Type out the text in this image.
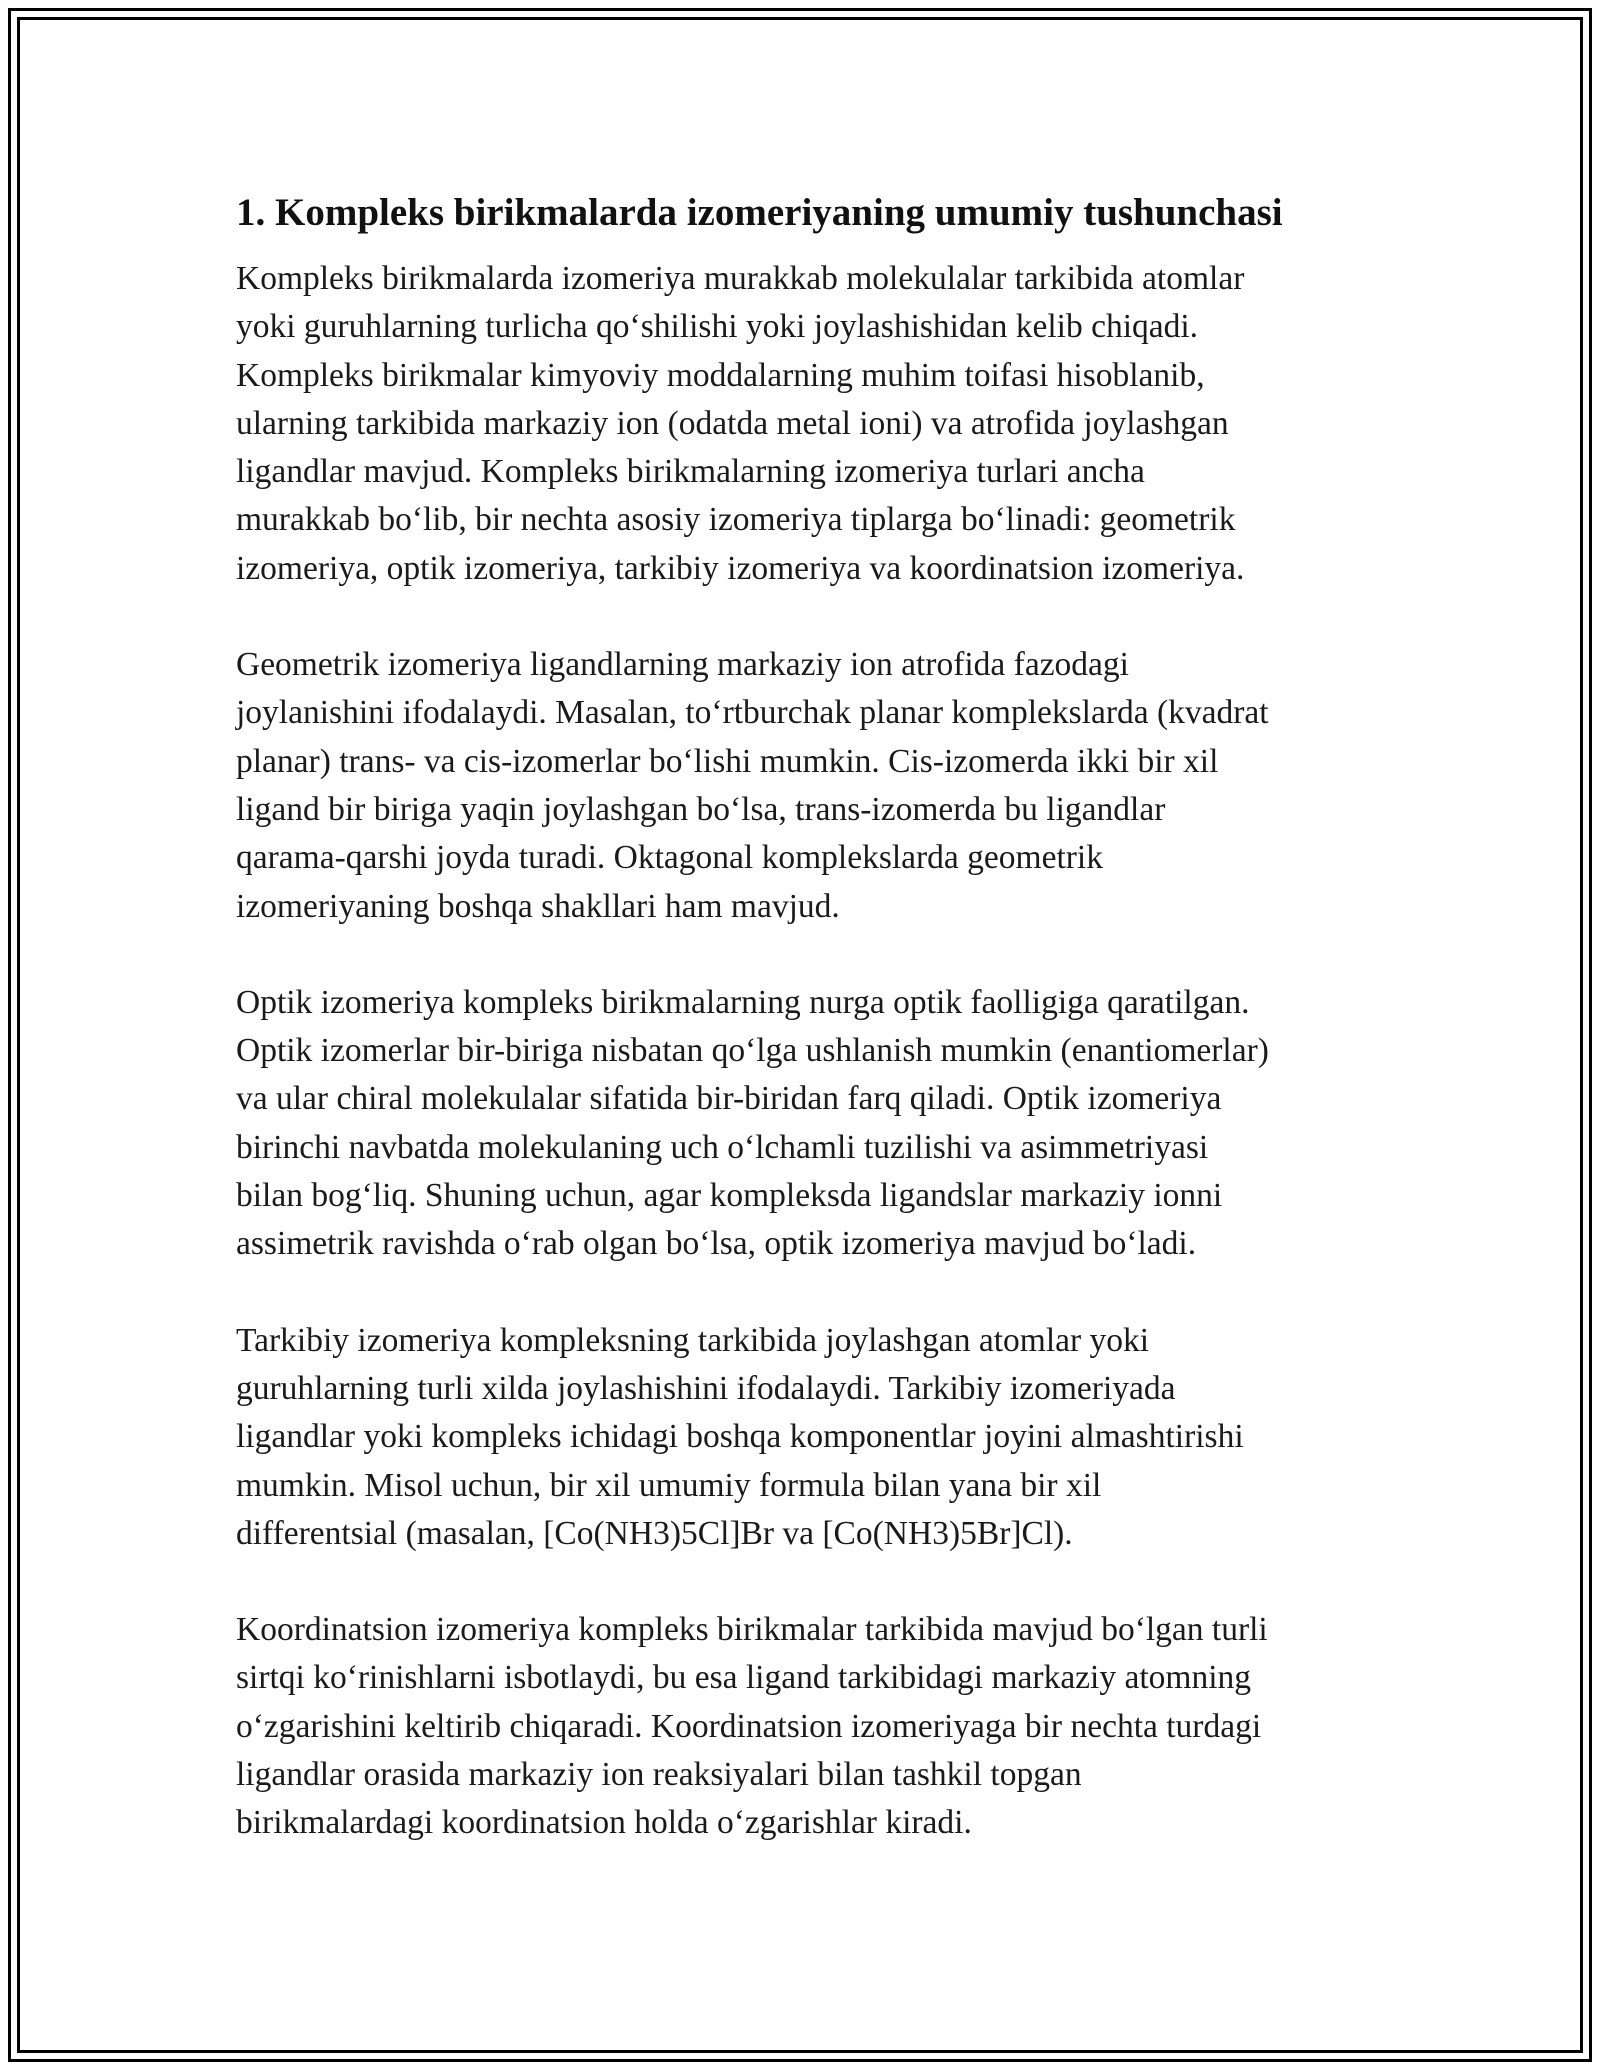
1. Kompleks birikmalarda izomeriyaning umumiy tushunchasi

Kompleks birikmalarda izomeriya murakkab molekulalar tarkibida atomlar
yoki guruhlarning turlicha qoʻshilishi yoki joylashishidan kelib chiqadi.
Kompleks birikmalar kimyoviy moddalarning muhim toifasi hisoblanib,
ularning tarkibida markaziy ion (odatda metal ioni) va atrofida joylashgan
ligandlar mavjud. Kompleks birikmalarning izomeriya turlari ancha
murakkab boʻlib, bir nechta asosiy izomeriya tiplarga boʻlinadi: geometrik
izomeriya, optik izomeriya, tarkibiy izomeriya va koordinatsion izomeriya.

Geometrik izomeriya ligandlarning markaziy ion atrofida fazodagi
joylanishini ifodalaydi. Masalan, toʻrtburchak planar komplekslarda (kvadrat
planar) trans- va cis-izomerlar boʻlishi mumkin. Cis-izomerda ikki bir xil
ligand bir biriga yaqin joylashgan boʻlsa, trans-izomerda bu ligandlar
qarama-qarshi joyda turadi. Oktagonal komplekslarda geometrik
izomeriyaning boshqa shakllari ham mavjud.

Optik izomeriya kompleks birikmalarning nurga optik faolligiga qaratilgan.
Optik izomerlar bir-biriga nisbatan qoʻlga ushlanish mumkin (enantiomerlar)
va ular chiral molekulalar sifatida bir-biridan farq qiladi. Optik izomeriya
birinchi navbatda molekulaning uch oʻlchamli tuzilishi va asimmetriyasi
bilan bogʻliq. Shuning uchun, agar kompleksda ligandslar markaziy ionni
assimetrik ravishda oʻrab olgan boʻlsa, optik izomeriya mavjud boʻladi.

Tarkibiy izomeriya kompleksning tarkibida joylashgan atomlar yoki
guruhlarning turli xilda joylashishini ifodalaydi. Tarkibiy izomeriyada
ligandlar yoki kompleks ichidagi boshqa komponentlar joyini almashtirishi
mumkin. Misol uchun, bir xil umumiy formula bilan yana bir xil
differentsial (masalan, [Co(NH3)5Cl]Br va [Co(NH3)5Br]Cl).

Koordinatsion izomeriya kompleks birikmalar tarkibida mavjud boʻlgan turli
sirtqi koʻrinishlarni isbotlaydi, bu esa ligand tarkibidagi markaziy atomning
oʻzgarishini keltirib chiqaradi. Koordinatsion izomeriyaga bir nechta turdagi
ligandlar orasida markaziy ion reaksiyalari bilan tashkil topgan
birikmalardagi koordinatsion holda oʻzgarishlar kiradi.
